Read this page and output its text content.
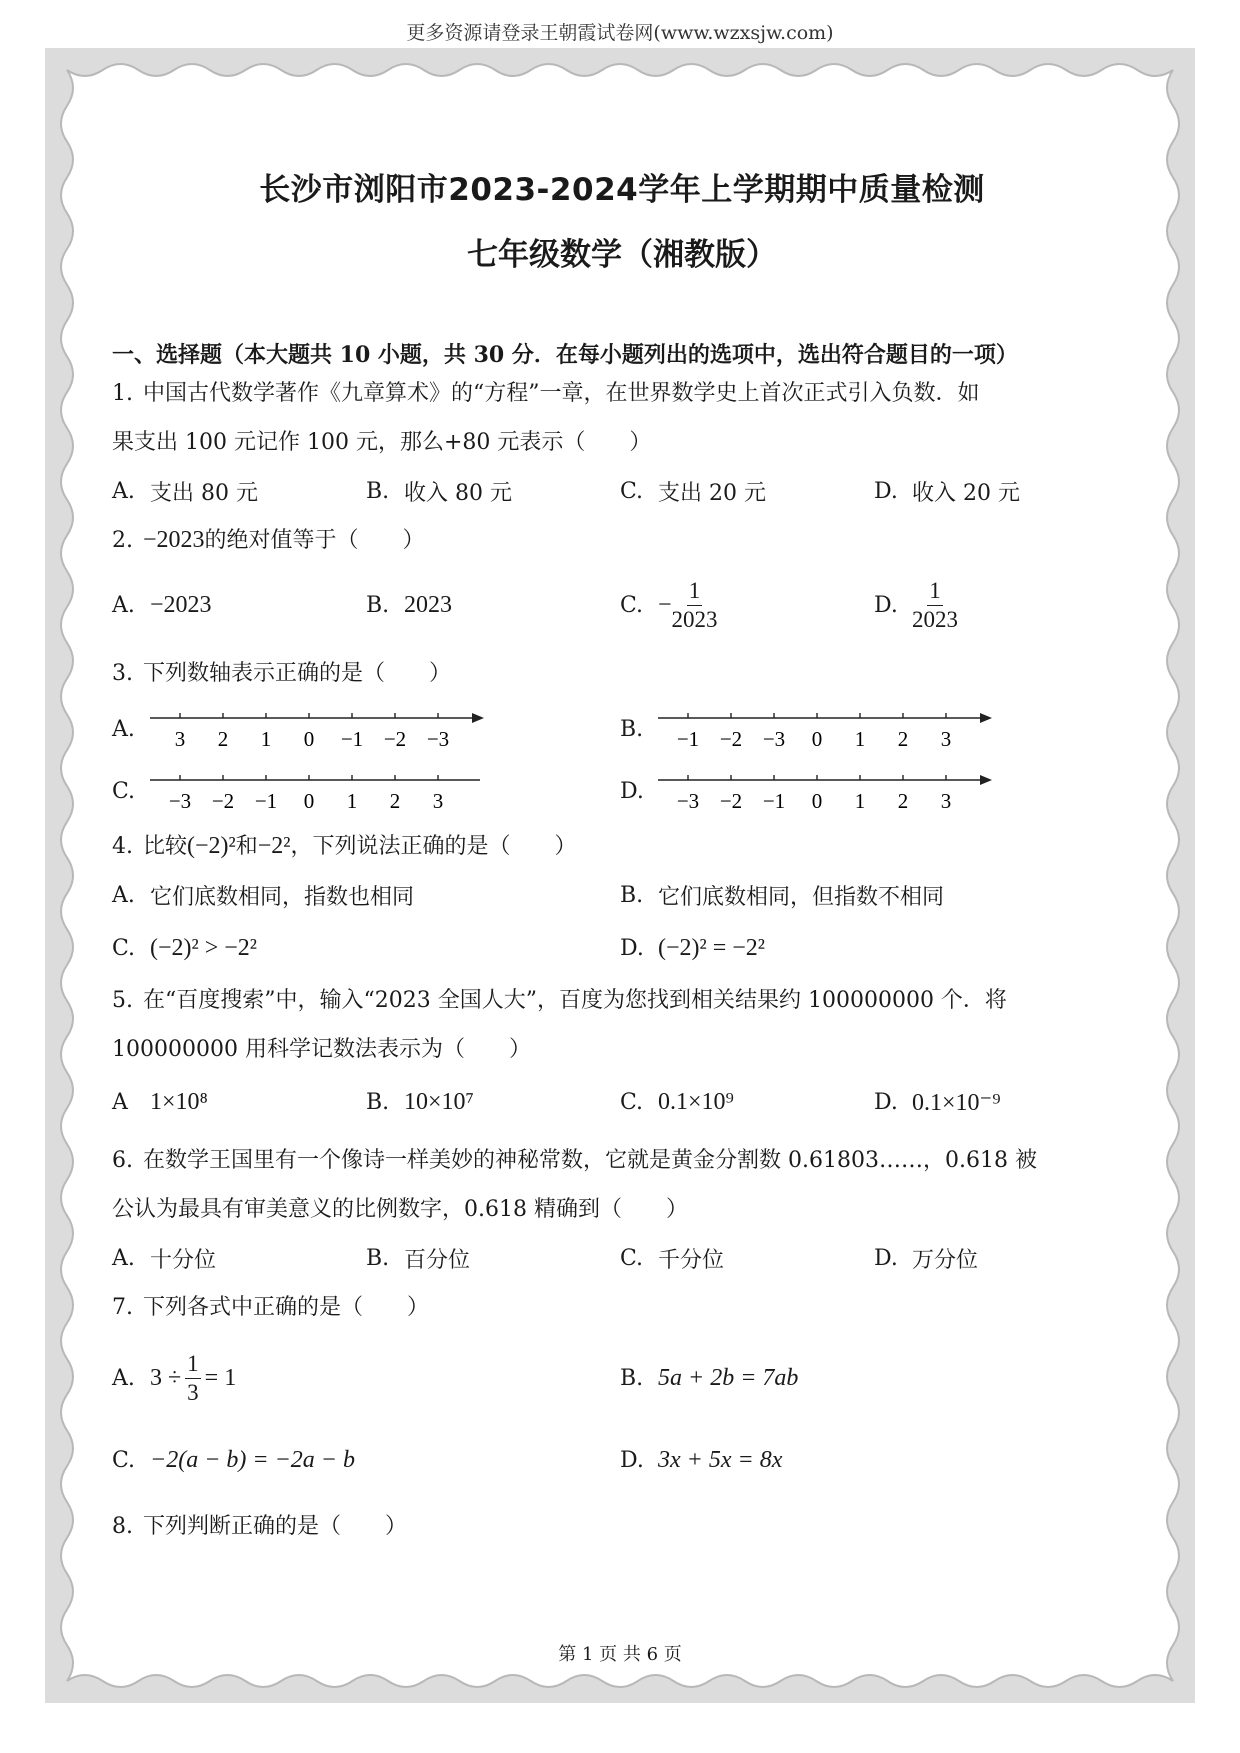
更多资源请登录王朝霞试卷网(www.wzxsjw.com)
长沙市浏阳市2023-2024学年上学期期中质量检测
七年级数学（湘教版）
一、选择题（本大题共 10 小题，共 30 分．在每小题列出的选项中，选出符合题目的一项）
1. 中国古代数学著作《九章算术》的“方程”一章，在世界数学史上首次正式引入负数．如
果支出 100 元记作 100 元，那么+80 元表示（　　）
A. 支出 80 元	B. 收入 80 元	C. 支出 20 元	D. 收入 20 元
2. −2023的绝对值等于（　　）
A. −2023	B. 2023	C. − $\frac{1}{2023}$	D. $\frac{1}{2023}$
3. 下列数轴表示正确的是（　　）
A.	3 2 1 0 −1 −2 −3	B.	−1 −2 −3 0 1 2 3
C.	−3 −2 −1 0 1 2 3	D.	−3 −2 −1 0 1 2 3
4. 比较(−2)²和−2²，下列说法正确的是（　　）
A. 它们底数相同，指数也相同	B. 它们底数相同，但指数不相同
C. (−2)² > −2²	D. (−2)² = −2²
5. 在“百度搜索”中，输入“2023 全国人大”，百度为您找到相关结果约 100000000 个．将
100000000 用科学记数法表示为（　　）
A 1×10⁸	B. 10×10⁷	C. 0.1×10⁹	D. 0.1×10⁻⁹
6. 在数学王国里有一个像诗一样美妙的神秘常数，它就是黄金分割数 0.61803……，0.618 被
公认为最具有审美意义的比例数字，0.618 精确到（　　）
A. 十分位	B. 百分位	C. 千分位	D. 万分位
7. 下列各式中正确的是（　　）
A. $3 \div \frac{1}{3} = 1$	B. 5a + 2b = 7ab
C. −2(a − b) = −2a − b	D. 3x + 5x = 8x
8. 下列判断正确的是（　　）
第 1 页 共 6 页
